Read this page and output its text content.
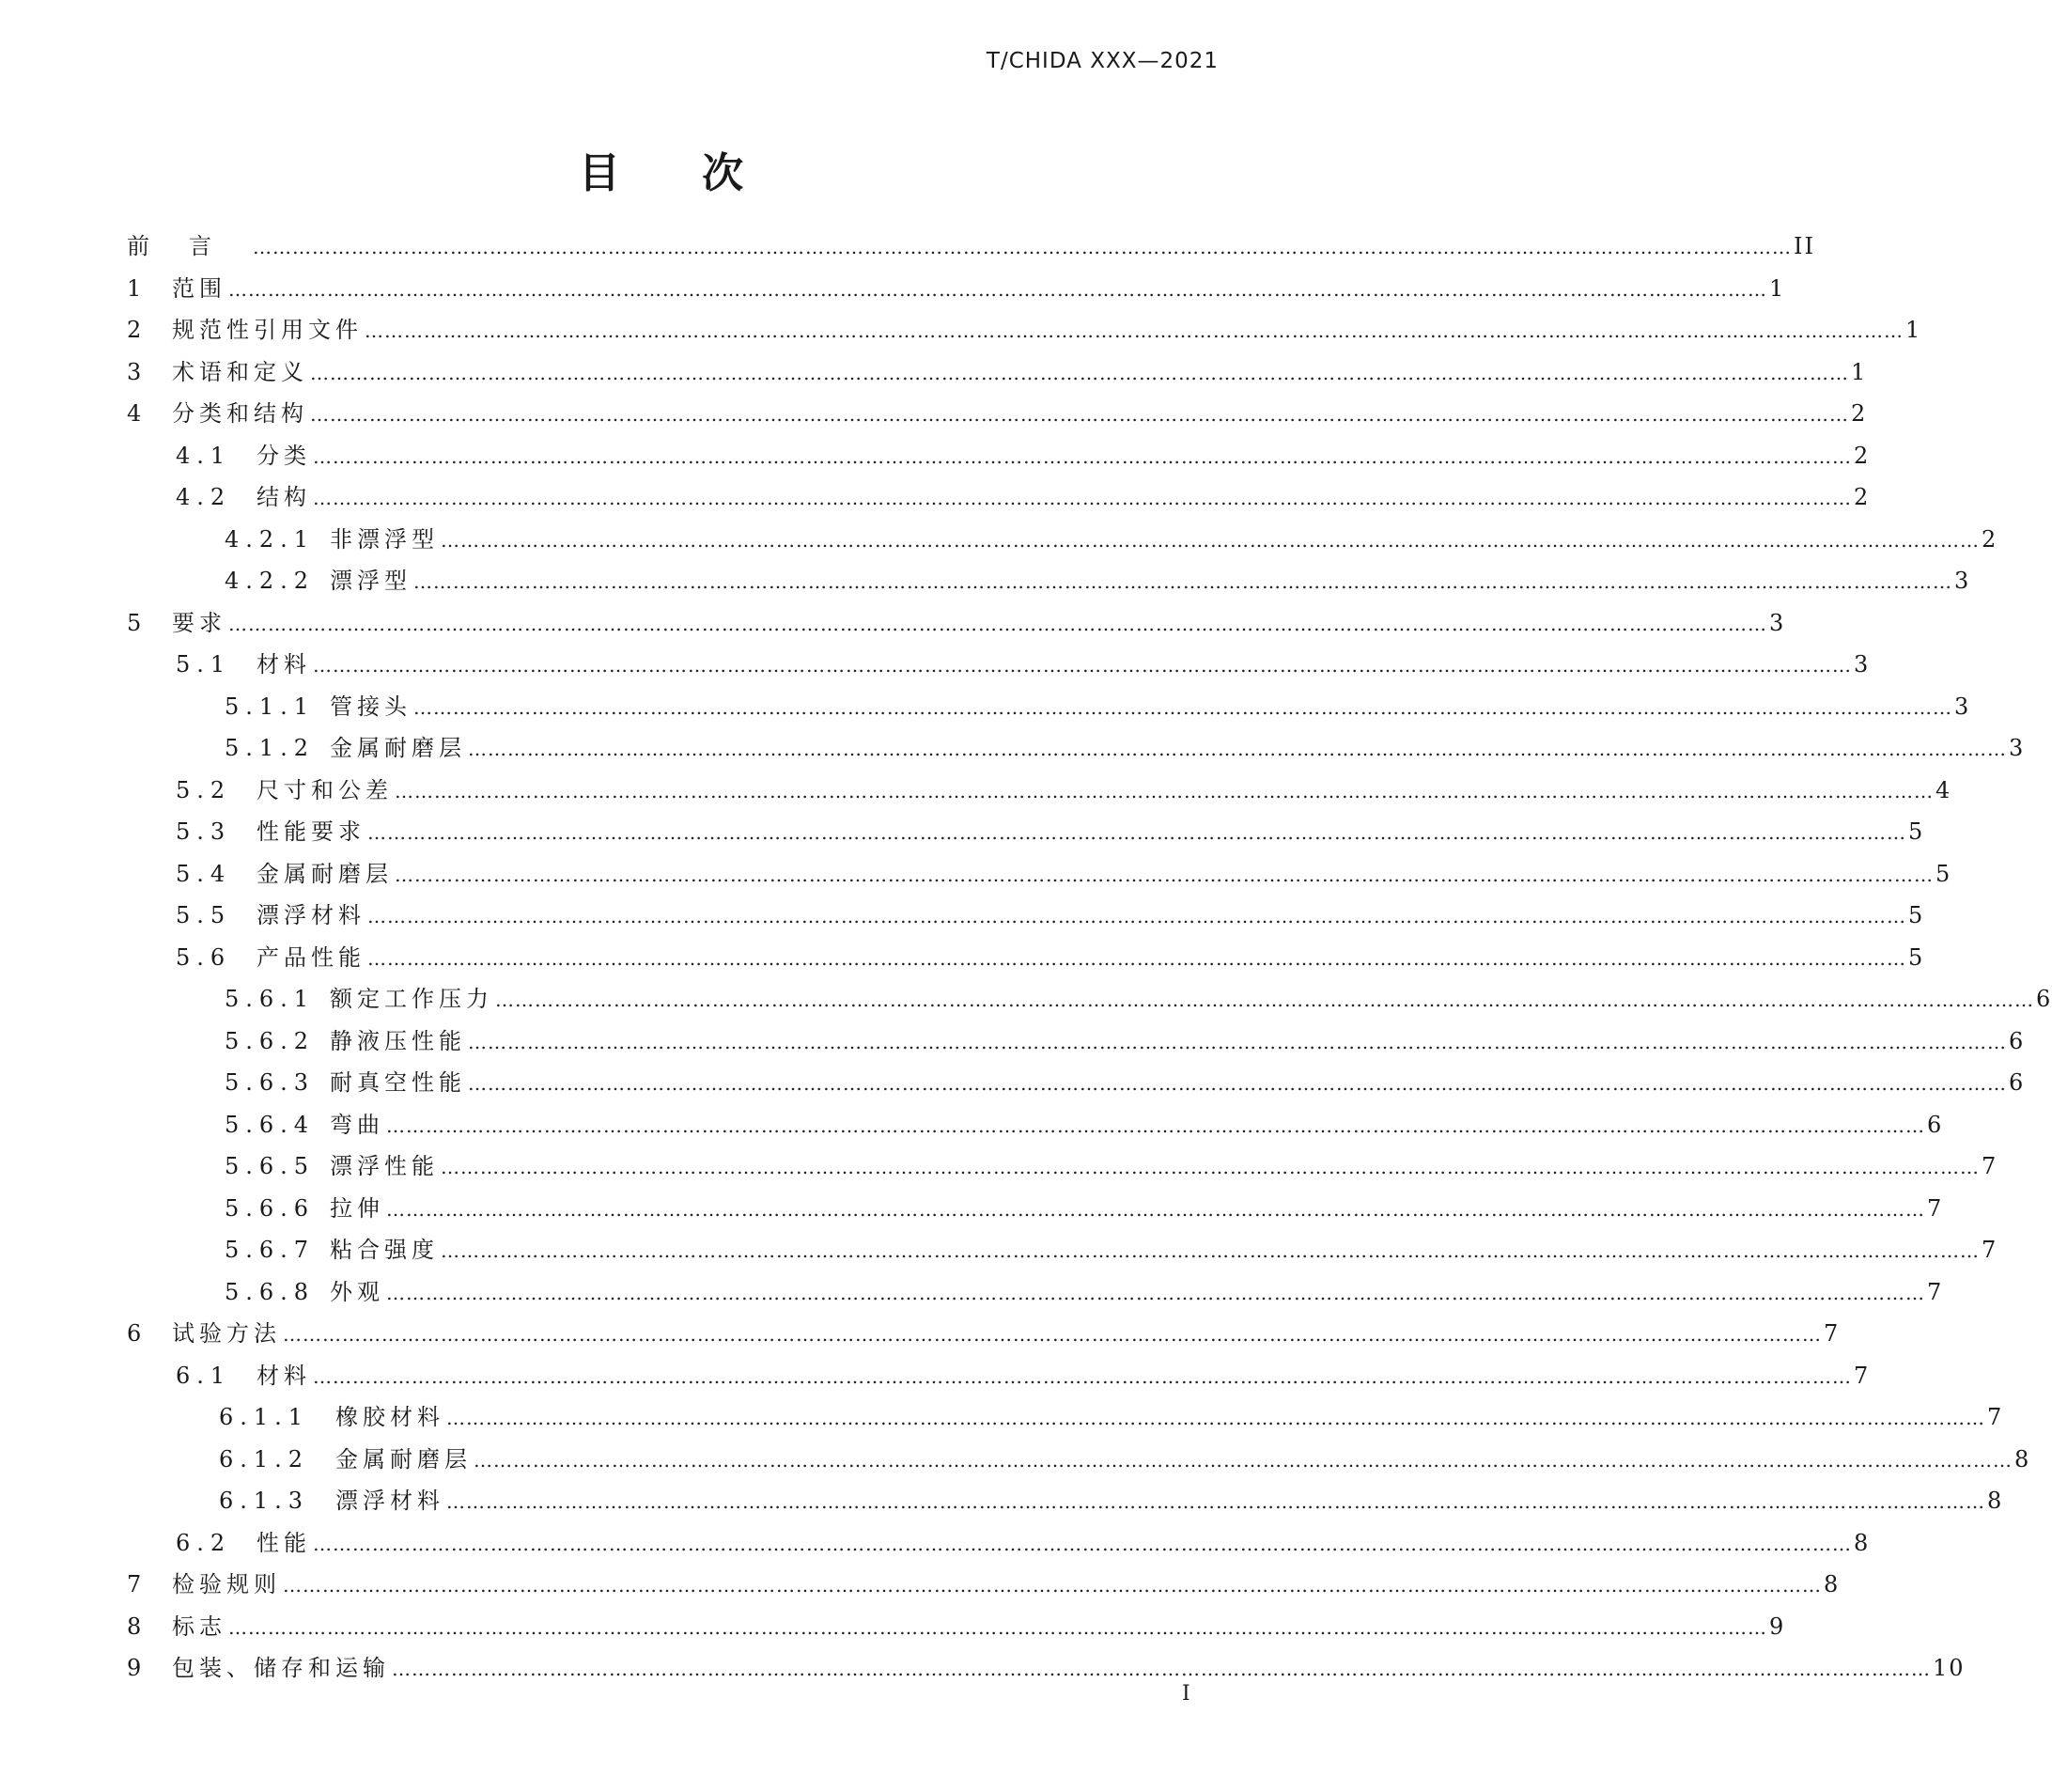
T/CHIDA XXX—2021
目 次
前言 ……………………………………………………………………………………………………………………………………………………………………………………………………………… II
1	范围 ……………………………………………………………………………………………………………………………………………………………………………………………………………… 1
2	规范性引用文件 ……………………………………………………………………………………………………………………………………………………………………………………………………………… 1
3	术语和定义 ……………………………………………………………………………………………………………………………………………………………………………………………………………… 1
4	分类和结构 ……………………………………………………………………………………………………………………………………………………………………………………………………………… 2
4.1	分类 ……………………………………………………………………………………………………………………………………………………………………………………………………………… 2
4.2	结构 ……………………………………………………………………………………………………………………………………………………………………………………………………………… 2
4.2.1 非漂浮型 ……………………………………………………………………………………………………………………………………………………………………………………………………………… 2
4.2.2 漂浮型 ……………………………………………………………………………………………………………………………………………………………………………………………………………… 3
5	要求 ……………………………………………………………………………………………………………………………………………………………………………………………………………… 3
5.1	材料 ……………………………………………………………………………………………………………………………………………………………………………………………………………… 3
5.1.1 管接头 ……………………………………………………………………………………………………………………………………………………………………………………………………………… 3
5.1.2 金属耐磨层 ……………………………………………………………………………………………………………………………………………………………………………………………………………… 3
5.2	尺寸和公差 ……………………………………………………………………………………………………………………………………………………………………………………………………………… 4
5.3	性能要求 ……………………………………………………………………………………………………………………………………………………………………………………………………………… 5
5.4	金属耐磨层 ……………………………………………………………………………………………………………………………………………………………………………………………………………… 5
5.5	漂浮材料 ……………………………………………………………………………………………………………………………………………………………………………………………………………… 5
5.6	产品性能 ……………………………………………………………………………………………………………………………………………………………………………………………………………… 5
5.6.1 额定工作压力 ……………………………………………………………………………………………………………………………………………………………………………………………………………… 6
5.6.2 静液压性能 ……………………………………………………………………………………………………………………………………………………………………………………………………………… 6
5.6.3 耐真空性能 ……………………………………………………………………………………………………………………………………………………………………………………………………………… 6
5.6.4 弯曲 ……………………………………………………………………………………………………………………………………………………………………………………………………………… 6
5.6.5 漂浮性能 ……………………………………………………………………………………………………………………………………………………………………………………………………………… 7
5.6.6 拉伸 ……………………………………………………………………………………………………………………………………………………………………………………………………………… 7
5.6.7 粘合强度 ……………………………………………………………………………………………………………………………………………………………………………………………………………… 7
5.6.8 外观 ……………………………………………………………………………………………………………………………………………………………………………………………………………… 7
6	试验方法 ……………………………………………………………………………………………………………………………………………………………………………………………………………… 7
6.1	材料 ……………………………………………………………………………………………………………………………………………………………………………………………………………… 7
6.1.1	橡胶材料 ……………………………………………………………………………………………………………………………………………………………………………………………………………… 7
6.1.2	金属耐磨层 ……………………………………………………………………………………………………………………………………………………………………………………………………………… 8
6.1.3	漂浮材料 ……………………………………………………………………………………………………………………………………………………………………………………………………………… 8
6.2	性能 ……………………………………………………………………………………………………………………………………………………………………………………………………………… 8
7	检验规则 ……………………………………………………………………………………………………………………………………………………………………………………………………………… 8
8	标志 ……………………………………………………………………………………………………………………………………………………………………………………………………………… 9
9	包装、储存和运输 ……………………………………………………………………………………………………………………………………………………………………………………………………………… 10
I
